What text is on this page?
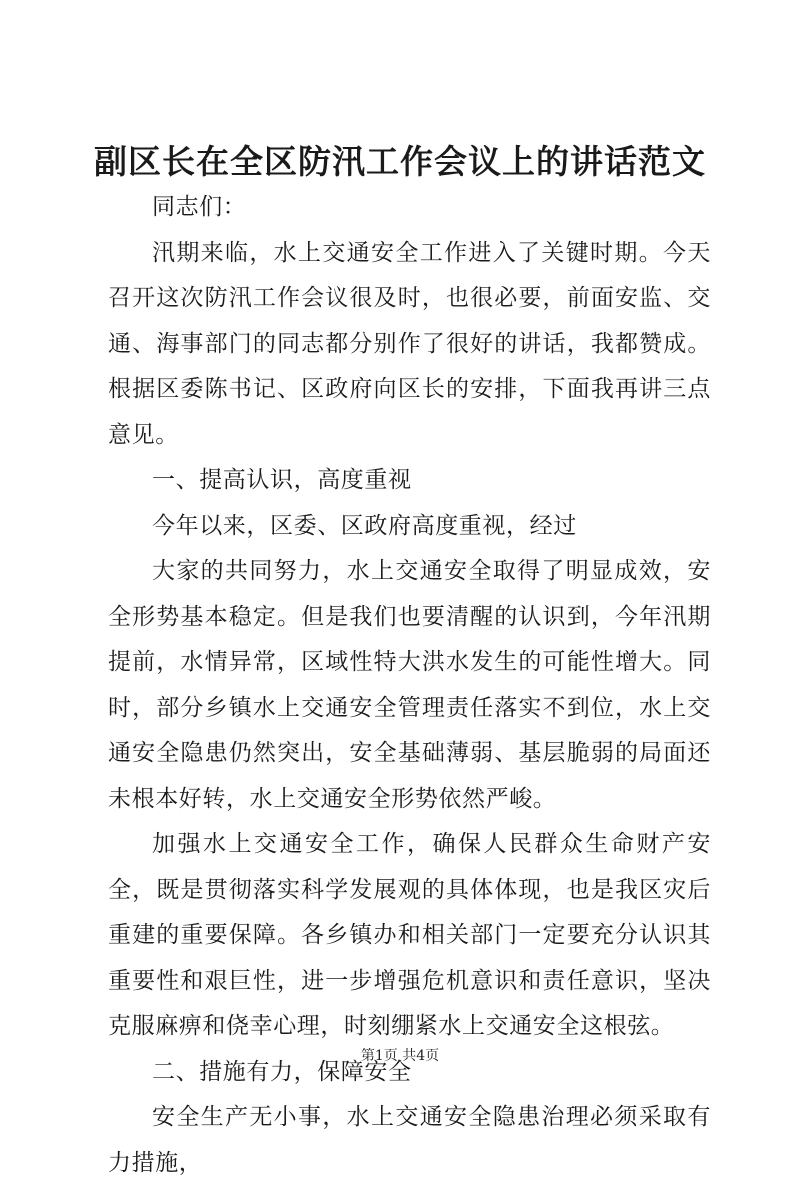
副区长在全区防汛工作会议上的讲话范文

同志们：

汛期来临，水上交通安全工作进入了关键时期。今天召开这次防汛工作会议很及时，也很必要，前面安监、交通、海事部门的同志都分别作了很好的讲话，我都赞成。根据区委陈书记、区政府向区长的安排，下面我再讲三点意见。

一、提高认识，高度重视

今年以来，区委、区政府高度重视，经过

大家的共同努力，水上交通安全取得了明显成效，安全形势基本稳定。但是我们也要清醒的认识到，今年汛期提前，水情异常，区域性特大洪水发生的可能性增大。同时，部分乡镇水上交通安全管理责任落实不到位，水上交通安全隐患仍然突出，安全基础薄弱、基层脆弱的局面还未根本好转，水上交通安全形势依然严峻。

加强水上交通安全工作，确保人民群众生命财产安全，既是贯彻落实科学发展观的具体体现，也是我区灾后重建的重要保障。各乡镇办和相关部门一定要充分认识其重要性和艰巨性，进一步增强危机意识和责任意识，坚决克服麻痹和侥幸心理，时刻绷紧水上交通安全这根弦。

二、措施有力，保障安全

安全生产无小事，水上交通安全隐患治理必须采取有力措施，

第1页 共4页
